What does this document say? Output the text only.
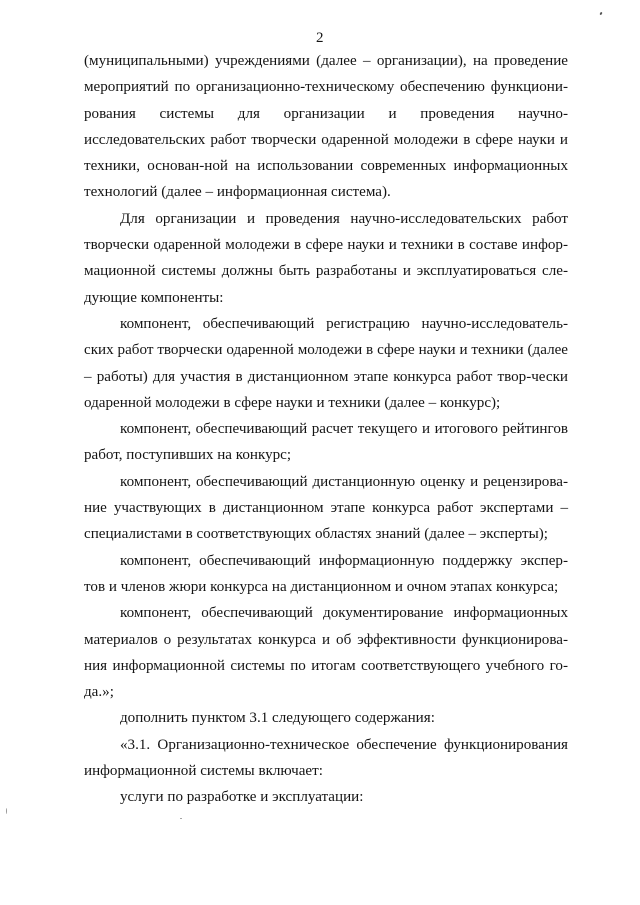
2

(муниципальными) учреждениями (далее – организации), на проведение мероприятий по организационно-техническому обеспечению функциони-рования системы для организации и проведения научно-исследовательских работ творчески одаренной молодежи в сфере науки и техники, основан-ной на использовании современных информационных технологий (далее – информационная система).

Для организации и проведения научно-исследовательских работ творчески одаренной молодежи в сфере науки и техники в составе инфор-мационной системы должны быть разработаны и эксплуатироваться сле-дующие компоненты:

компонент, обеспечивающий регистрацию научно-исследователь-ских работ творчески одаренной молодежи в сфере науки и техники (далее – работы) для участия в дистанционном этапе конкурса работ твор-чески одаренной молодежи в сфере науки и техники (далее – конкурс);

компонент, обеспечивающий расчет текущего и итогового рейтингов работ, поступивших на конкурс;

компонент, обеспечивающий дистанционную оценку и рецензирова-ние участвующих в дистанционном этапе конкурса работ экспертами – специалистами в соответствующих областях знаний (далее – эксперты);

компонент, обеспечивающий информационную поддержку экспер-тов и членов жюри конкурса на дистанционном и очном этапах конкурса;

компонент, обеспечивающий документирование информационных материалов о результатах конкурса и об эффективности функционирова-ния информационной системы по итогам соответствующего учебного го-да.»;

дополнить пунктом 3.1 следующего содержания:

«3.1. Организационно-техническое обеспечение функционирования информационной системы включает:

услуги по разработке и эксплуатации:
